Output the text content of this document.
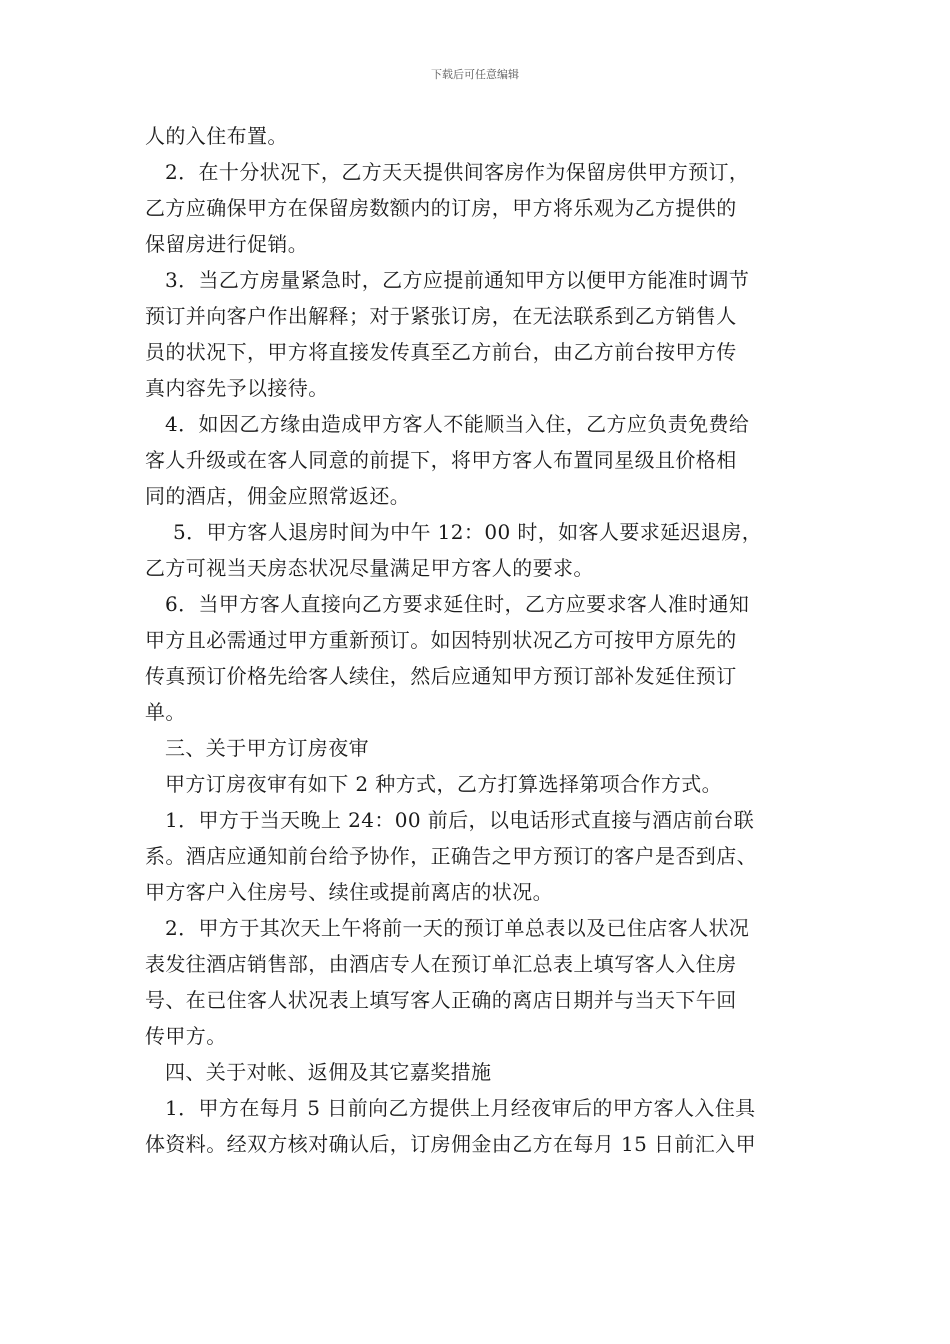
下载后可任意编辑
人的入住布置。
2．在十分状况下，乙方天天提供间客房作为保留房供甲方预订，
乙方应确保甲方在保留房数额内的订房，甲方将乐观为乙方提供的
保留房进行促销。
3．当乙方房量紧急时，乙方应提前通知甲方以便甲方能准时调节
预订并向客户作出解释；对于紧张订房，在无法联系到乙方销售人
员的状况下，甲方将直接发传真至乙方前台，由乙方前台按甲方传
真内容先予以接待。
4．如因乙方缘由造成甲方客人不能顺当入住，乙方应负责免费给
客人升级或在客人同意的前提下，将甲方客人布置同星级且价格相
同的酒店，佣金应照常返还。
5．甲方客人退房时间为中午 12：00 时，如客人要求延迟退房，
乙方可视当天房态状况尽量满足甲方客人的要求。
6．当甲方客人直接向乙方要求延住时，乙方应要求客人准时通知
甲方且必需通过甲方重新预订。如因特别状况乙方可按甲方原先的
传真预订价格先给客人续住，然后应通知甲方预订部补发延住预订
单。
三、关于甲方订房夜审
甲方订房夜审有如下 2 种方式，乙方打算选择第项合作方式。
1．甲方于当天晚上 24：00 前后，以电话形式直接与酒店前台联
系。酒店应通知前台给予协作，正确告之甲方预订的客户是否到店、
甲方客户入住房号、续住或提前离店的状况。
2．甲方于其次天上午将前一天的预订单总表以及已住店客人状况
表发往酒店销售部，由酒店专人在预订单汇总表上填写客人入住房
号、在已住客人状况表上填写客人正确的离店日期并与当天下午回
传甲方。
四、关于对帐、返佣及其它嘉奖措施
1．甲方在每月 5 日前向乙方提供上月经夜审后的甲方客人入住具
体资料。经双方核对确认后，订房佣金由乙方在每月 15 日前汇入甲
